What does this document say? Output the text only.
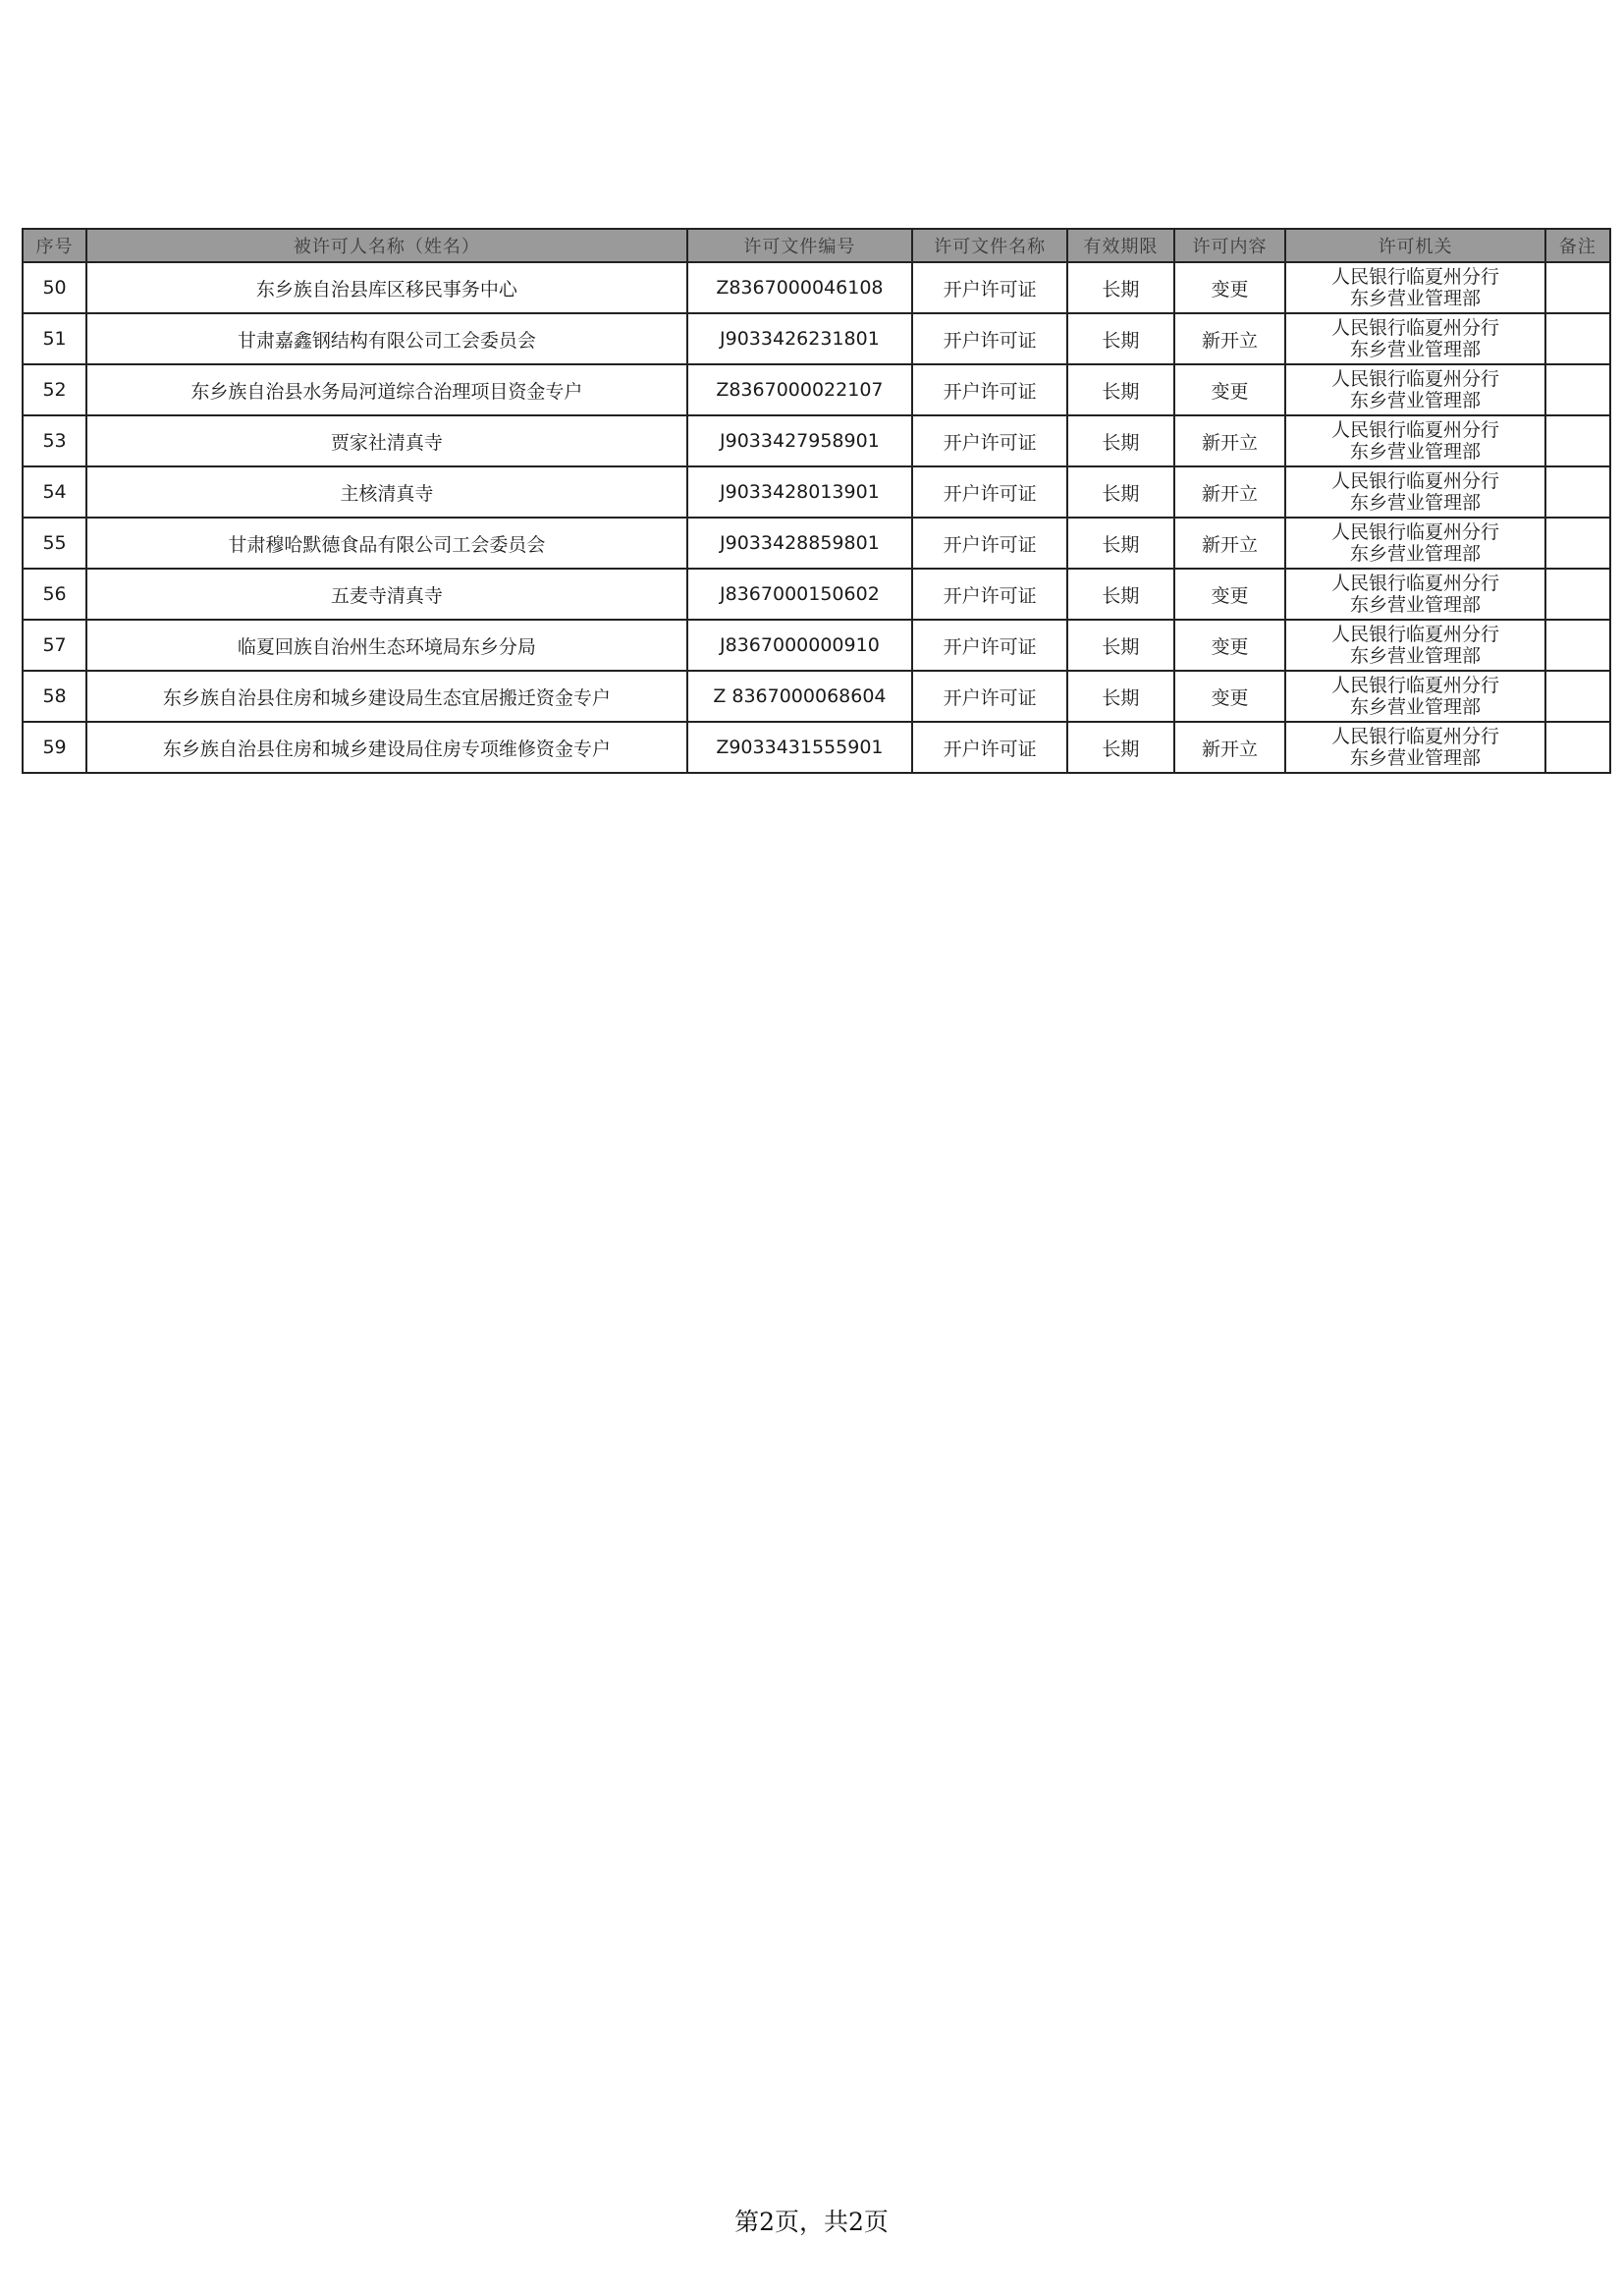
序号	被许可人名称（姓名）	许可文件编号	许可文件名称	有效期限	许可内容	许可机关	备注
50	东乡族自治县库区移民事务中心	Z8367000046108	开户许可证	长期	变更	人民银行临夏州分行
东乡营业管理部	

51	甘肃嘉鑫钢结构有限公司工会委员会	J9033426231801	开户许可证	长期	新开立	人民银行临夏州分行
东乡营业管理部	

52	东乡族自治县水务局河道综合治理项目资金专户	Z8367000022107	开户许可证	长期	变更	人民银行临夏州分行
东乡营业管理部	

53	贾家社清真寺	J9033427958901	开户许可证	长期	新开立	人民银行临夏州分行
东乡营业管理部	

54	主核清真寺	J9033428013901	开户许可证	长期	新开立	人民银行临夏州分行
东乡营业管理部	

55	甘肃穆哈默德食品有限公司工会委员会	J9033428859801	开户许可证	长期	新开立	人民银行临夏州分行
东乡营业管理部	

56	五麦寺清真寺	J8367000150602	开户许可证	长期	变更	人民银行临夏州分行
东乡营业管理部	

57	临夏回族自治州生态环境局东乡分局	J8367000000910	开户许可证	长期	变更	人民银行临夏州分行
东乡营业管理部	

58	东乡族自治县住房和城乡建设局生态宜居搬迁资金专户	Z 8367000068604	开户许可证	长期	变更	人民银行临夏州分行
东乡营业管理部	

59	东乡族自治县住房和城乡建设局住房专项维修资金专户	Z9033431555901	开户许可证	长期	新开立	人民银行临夏州分行
东乡营业管理部	

第2页，共2页
